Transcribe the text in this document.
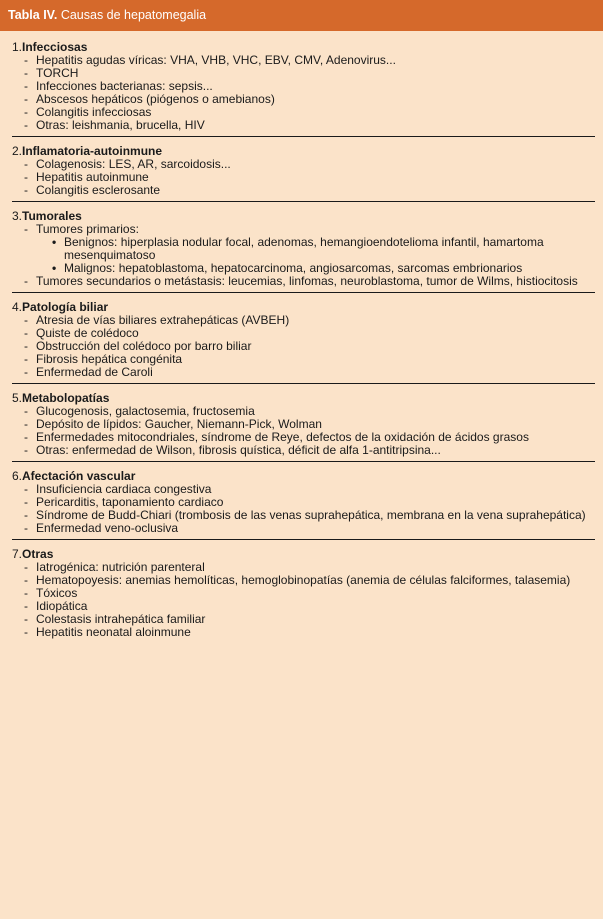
Tabla IV. Causas de hepatomegalia
1.Infecciosas
- Hepatitis agudas víricas: VHA, VHB, VHC, EBV, CMV, Adenovirus...
- TORCH
- Infecciones bacterianas: sepsis...
- Abscesos hepáticos (piógenos o amebianos)
- Colangitis infecciosas
- Otras: leishmania, brucella, HIV
2.Inflamatoria-autoinmune
- Colagenosis: LES, AR, sarcoidosis...
- Hepatitis autoinmune
- Colangitis esclerosante
3.Tumorales
- Tumores primarios:
• Benignos: hiperplasia nodular focal, adenomas, hemangioendotelioma infantil, hamartoma mesenquimatoso
• Malignos: hepatoblastoma, hepatocarcinoma, angiosarcomas, sarcomas embrionarios
- Tumores secundarios o metástasis: leucemias, linfomas, neuroblastoma, tumor de Wilms, histiocitosis
4.Patología biliar
- Atresia de vías biliares extrahepáticas (AVBEH)
- Quiste de colédoco
- Obstrucción del colédoco por barro biliar
- Fibrosis hepática congénita
- Enfermedad de Caroli
5.Metabolopatías
- Glucogenosis, galactosemia, fructosemia
- Depósito de lípidos: Gaucher, Niemann-Pick, Wolman
- Enfermedades mitocondriales, síndrome de Reye, defectos de la oxidación de ácidos grasos
- Otras: enfermedad de Wilson, fibrosis quística, déficit de alfa 1-antitripsina...
6.Afectación vascular
- Insuficiencia cardiaca congestiva
- Pericarditis, taponamiento cardiaco
- Síndrome de Budd-Chiari (trombosis de las venas suprahepática, membrana en la vena suprahepática)
- Enfermedad veno-oclusiva
7.Otras
- Iatrogénica: nutrición parenteral
- Hematopoyesis: anemias hemolíticas, hemoglobinopatías (anemia de células falciformes, talasemia)
- Tóxicos
- Idiopática
- Colestasis intrahepática familiar
- Hepatitis neonatal aloinmune
